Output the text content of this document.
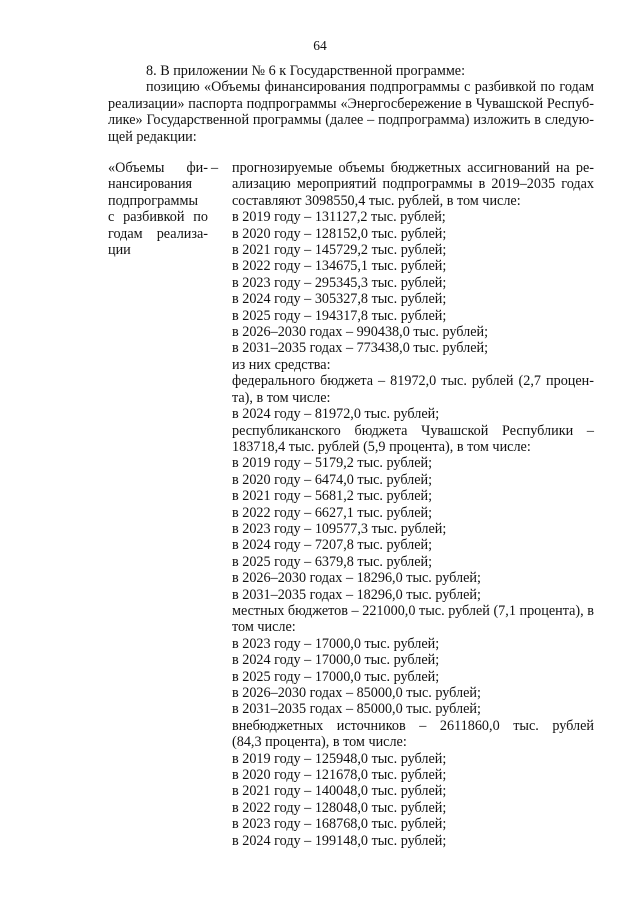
64
8. В приложении № 6 к Государственной программе:
позицию «Объемы финансирования подпрограммы с разбивкой по годам
реализации» паспорта подпрограммы «Энергосбережение в Чувашской Респуб-
лике» Государственной программы (далее – подпрограмма) изложить в следую-
щей редакции:
«Объемы фи-
нансирования
подпрограммы
с разбивкой по
годам реализа-
ции
– прогнозируемые объемы бюджетных ассигнований на ре-
ализацию мероприятий подпрограммы в 2019–2035 годах
составляют 3098550,4 тыс. рублей, в том числе:
в 2019 году – 131127,2 тыс. рублей;
в 2020 году – 128152,0 тыс. рублей;
в 2021 году – 145729,2 тыс. рублей;
в 2022 году – 134675,1 тыс. рублей;
в 2023 году – 295345,3 тыс. рублей;
в 2024 году – 305327,8 тыс. рублей;
в 2025 году – 194317,8 тыс. рублей;
в 2026–2030 годах – 990438,0 тыс. рублей;
в 2031–2035 годах – 773438,0 тыс. рублей;
из них средства:
федерального бюджета – 81972,0 тыс. рублей (2,7 процен-
та), в том числе:
в 2024 году – 81972,0 тыс. рублей;
республиканского бюджета Чувашской Республики –
183718,4 тыс. рублей (5,9 процента), в том числе:
в 2019 году – 5179,2 тыс. рублей;
в 2020 году – 6474,0 тыс. рублей;
в 2021 году – 5681,2 тыс. рублей;
в 2022 году – 6627,1 тыс. рублей;
в 2023 году – 109577,3 тыс. рублей;
в 2024 году – 7207,8 тыс. рублей;
в 2025 году – 6379,8 тыс. рублей;
в 2026–2030 годах – 18296,0 тыс. рублей;
в 2031–2035 годах – 18296,0 тыс. рублей;
местных бюджетов – 221000,0 тыс. рублей (7,1 процента), в
том числе:
в 2023 году – 17000,0 тыс. рублей;
в 2024 году – 17000,0 тыс. рублей;
в 2025 году – 17000,0 тыс. рублей;
в 2026–2030 годах – 85000,0 тыс. рублей;
в 2031–2035 годах – 85000,0 тыс. рублей;
внебюджетных источников – 2611860,0 тыс. рублей
(84,3 процента), в том числе:
в 2019 году – 125948,0 тыс. рублей;
в 2020 году – 121678,0 тыс. рублей;
в 2021 году – 140048,0 тыс. рублей;
в 2022 году – 128048,0 тыс. рублей;
в 2023 году – 168768,0 тыс. рублей;
в 2024 году – 199148,0 тыс. рублей;
